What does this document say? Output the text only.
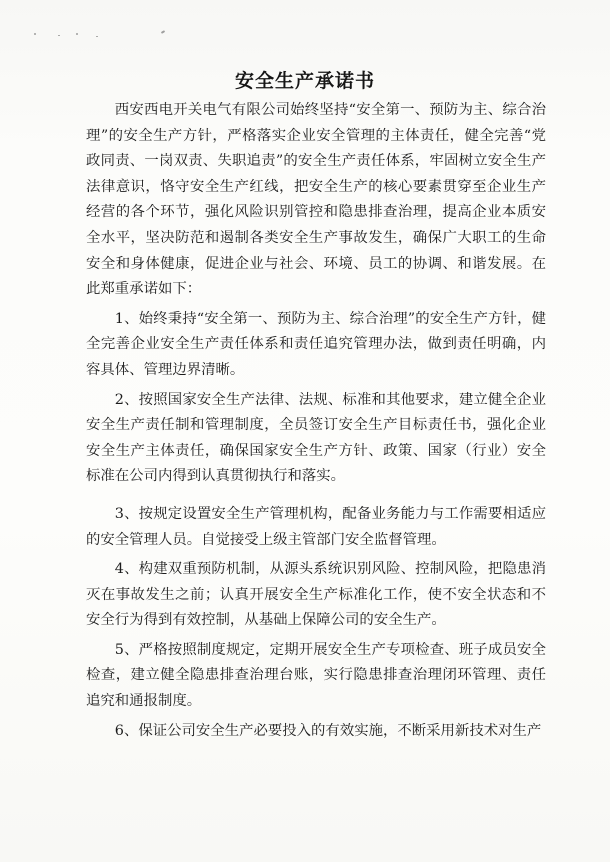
安全生产承诺书

西安西电开关电气有限公司始终坚持“安全第一、预防为主、综合治理”的安全生产方针，严格落实企业安全管理的主体责任，健全完善“党政同责、一岗双责、失职追责”的安全生产责任体系，牢固树立安全生产法律意识，恪守安全生产红线，把安全生产的核心要素贯穿至企业生产经营的各个环节，强化风险识别管控和隐患排查治理，提高企业本质安全水平，坚决防范和遏制各类安全生产事故发生，确保广大职工的生命安全和身体健康，促进企业与社会、环境、员工的协调、和谐发展。在此郑重承诺如下：

1、始终秉持“安全第一、预防为主、综合治理”的安全生产方针，健全完善企业安全生产责任体系和责任追究管理办法，做到责任明确，内容具体、管理边界清晰。

2、按照国家安全生产法律、法规、标准和其他要求，建立健全企业安全生产责任制和管理制度，全员签订安全生产目标责任书，强化企业安全生产主体责任，确保国家安全生产方针、政策、国家（行业）安全标准在公司内得到认真贯彻执行和落实。

3、按规定设置安全生产管理机构，配备业务能力与工作需要相适应的安全管理人员。自觉接受上级主管部门安全监督管理。

4、构建双重预防机制，从源头系统识别风险、控制风险，把隐患消灭在事故发生之前；认真开展安全生产标准化工作，使不安全状态和不安全行为得到有效控制，从基础上保障公司的安全生产。

5、严格按照制度规定，定期开展安全生产专项检查、班子成员安全检查，建立健全隐患排查治理台账，实行隐患排查治理闭环管理、责任追究和通报制度。

6、保证公司安全生产必要投入的有效实施，不断采用新技术对生产
